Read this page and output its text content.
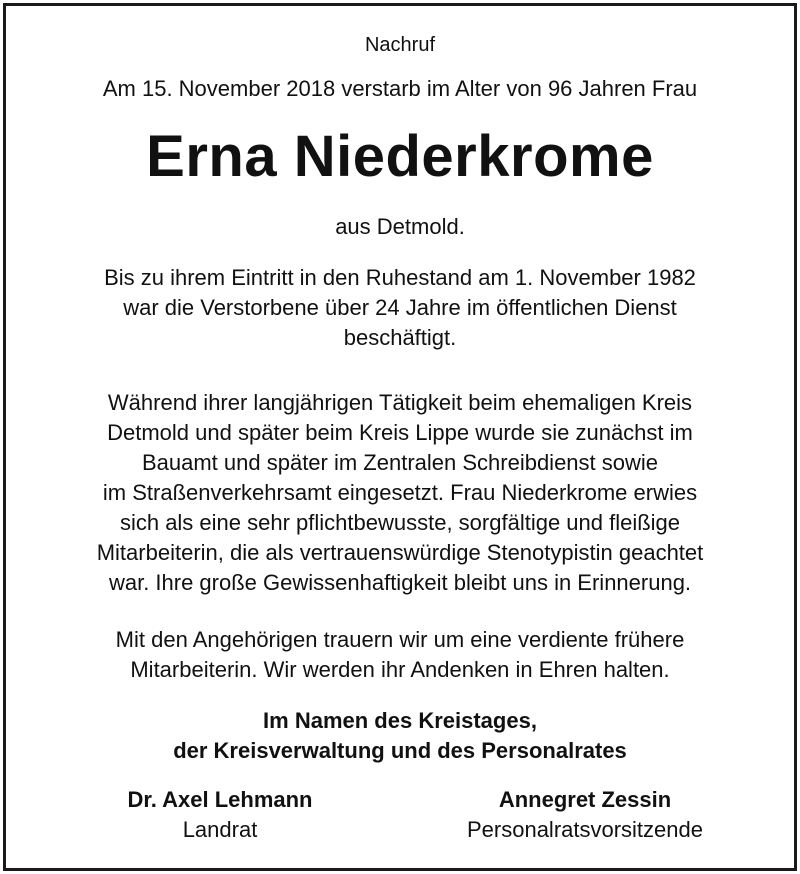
Nachruf

Am 15. November 2018 verstarb im Alter von 96 Jahren Frau

Erna Niederkrome

aus Detmold.

Bis zu ihrem Eintritt in den Ruhestand am 1. November 1982

war die Verstorbene über 24 Jahre im öffentlichen Dienst

beschäftigt.

Während ihrer langjährigen Tätigkeit beim ehemaligen Kreis

Detmold und später beim Kreis Lippe wurde sie zunächst im

Bauamt und später im Zentralen Schreibdienst sowie

im Straßenverkehrsamt eingesetzt. Frau Niederkrome erwies

sich als eine sehr pflichtbewusste, sorgfältige und fleißige

Mitarbeiterin, die als vertrauenswürdige Stenotypistin geachtet

war. Ihre große Gewissenhaftigkeit bleibt uns in Erinnerung.

Mit den Angehörigen trauern wir um eine verdiente frühere

Mitarbeiterin. Wir werden ihr Andenken in Ehren halten.

Im Namen des Kreistages,

der Kreisverwaltung und des Personalrates

Dr. Axel Lehmann

Landrat

Annegret Zessin

Personalratsvorsitzende
